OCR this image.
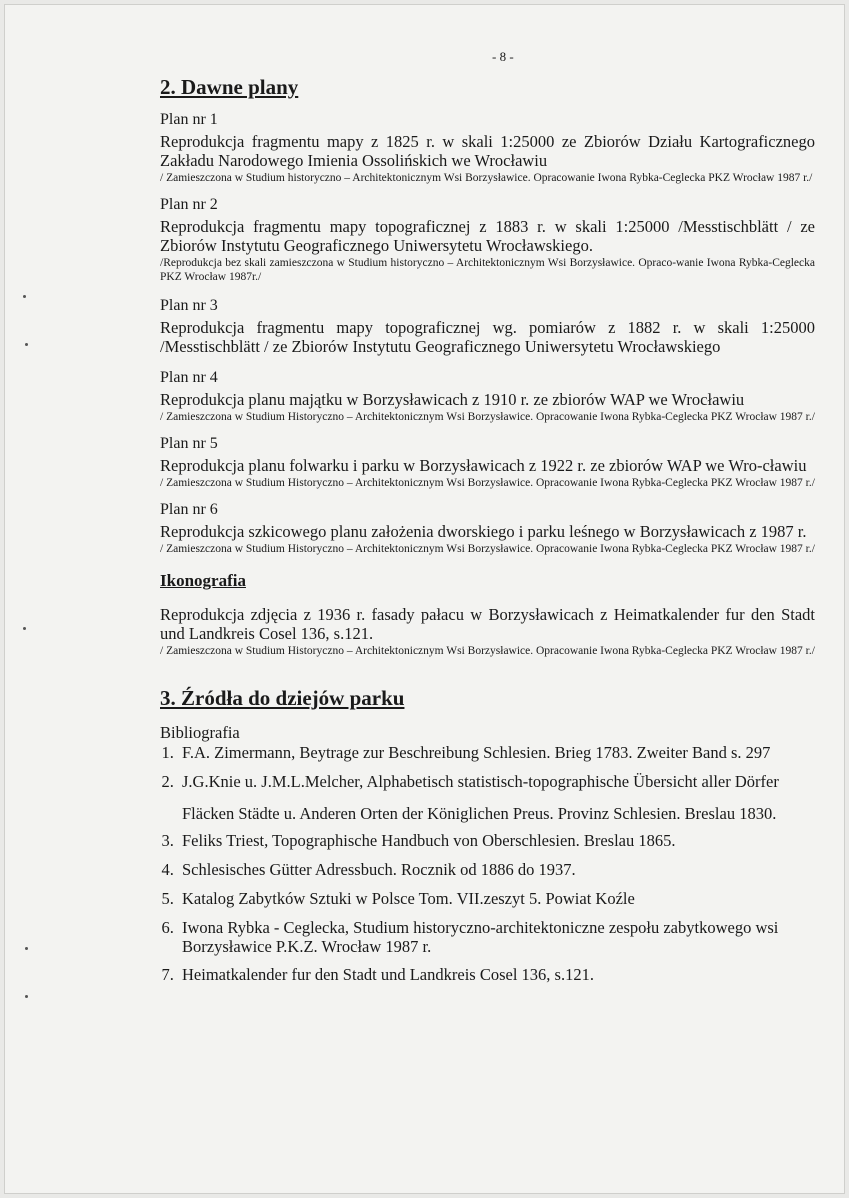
- 8 -
2. Dawne plany
Plan nr 1
Reprodukcja fragmentu mapy z 1825 r. w skali 1:25000 ze Zbiorów Działu Kartograficznego Zakładu Narodowego Imienia Ossolińskich we Wrocławiu
/ Zamieszczona w Studium historyczno – Architektonicznym Wsi Borzysławice. Opracowanie Iwona Rybka-Ceglecka PKZ Wrocław 1987 r./
Plan nr 2
Reprodukcja fragmentu mapy topograficznej z 1883 r. w skali 1:25000 /Messtischblätt / ze Zbiorów Instytutu Geograficznego Uniwersytetu Wrocławskiego.
/Reprodukcja bez skali zamieszczona w Studium historyczno – Architektonicznym Wsi Borzysławice. Opraco-wanie Iwona Rybka-Ceglecka PKZ Wrocław 1987r./
Plan nr 3
Reprodukcja fragmentu mapy topograficznej wg. pomiarów z 1882 r. w skali 1:25000 /Messtischblätt / ze Zbiorów Instytutu Geograficznego Uniwersytetu Wrocławskiego
Plan nr 4
Reprodukcja planu majątku w Borzysławicach z 1910 r. ze zbiorów WAP we Wrocławiu
/ Zamieszczona w Studium Historyczno – Architektonicznym Wsi Borzysławice. Opracowanie Iwona Rybka-Ceglecka PKZ Wrocław 1987 r./
Plan nr 5
Reprodukcja planu folwarku i parku w Borzysławicach z 1922 r. ze zbiorów WAP we Wro-cławiu
/ Zamieszczona w Studium Historyczno – Architektonicznym Wsi Borzysławice. Opracowanie Iwona Rybka-Ceglecka PKZ Wrocław 1987 r./
Plan nr 6
Reprodukcja szkicowego planu założenia dworskiego i parku leśnego w Borzysławicach z 1987 r.
/ Zamieszczona w Studium Historyczno – Architektonicznym Wsi Borzysławice. Opracowanie Iwona Rybka-Ceglecka PKZ Wrocław 1987 r./
Ikonografia
Reprodukcja zdjęcia z 1936 r. fasady pałacu w Borzysławicach z Heimatkalender fur den Stadt und Landkreis Cosel 136, s.121.
/ Zamieszczona w Studium Historyczno – Architektonicznym Wsi Borzysławice. Opracowanie Iwona Rybka-Ceglecka PKZ Wrocław 1987 r./
3. Źródła do dziejów parku
Bibliografia
1. F.A. Zimermann, Beytrage zur Beschreibung Schlesien. Brieg 1783. Zweiter Band s. 297
2. J.G.Knie u. J.M.L.Melcher, Alphabetisch statistisch-topographische Übersicht aller Dörfer Fläcken Städte u. Anderen Orten der Königlichen Preus. Provinz Schlesien. Breslau 1830.
3. Feliks Triest, Topographische Handbuch von Oberschlesien. Breslau 1865.
4. Schlesisches Gütter Adressbuch. Rocznik od 1886 do 1937.
5. Katalog Zabytków Sztuki w Polsce Tom. VII.zeszyt 5. Powiat Koźle
6. Iwona Rybka - Ceglecka, Studium historyczno-architektoniczne zespołu zabytkowego wsi Borzysławice P.K.Z. Wrocław 1987 r.
7. Heimatkalender fur den Stadt und Landkreis Cosel 136, s.121.
